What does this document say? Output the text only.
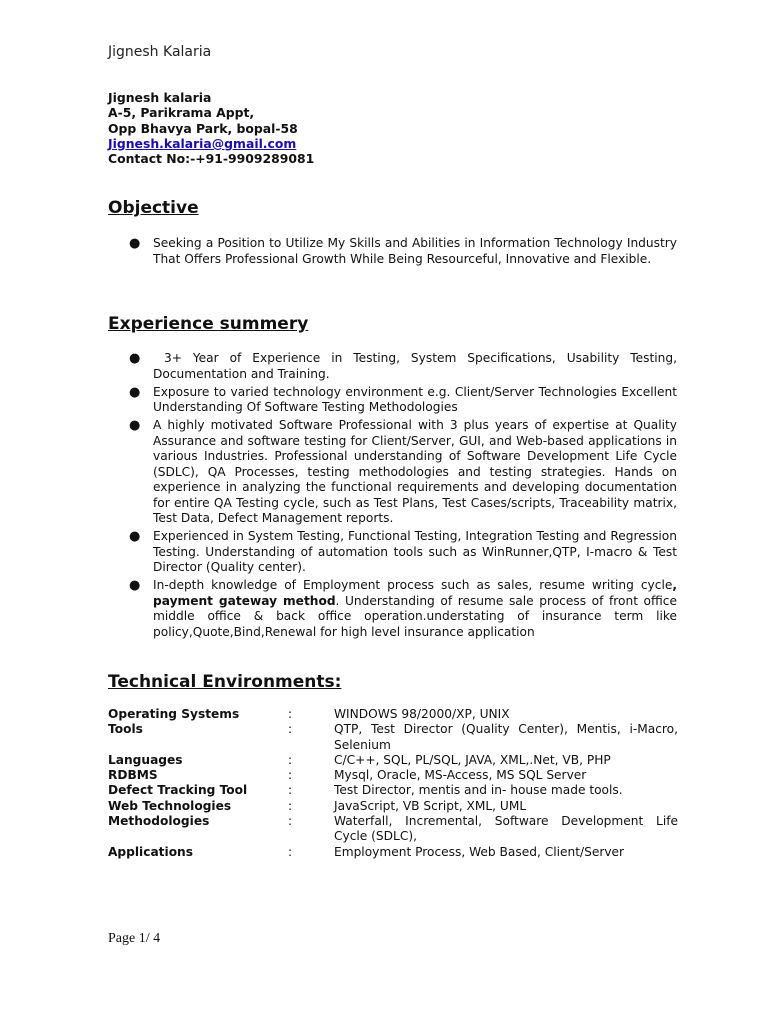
Jignesh Kalaria
Jignesh kalaria
A-5, Parikrama Appt,
Opp Bhavya Park, bopal-58
Jignesh.kalaria@gmail.com
Contact No:-+91-9909289081
Objective
● Seeking a Position to Utilize My Skills and Abilities in Information Technology Industry That Offers Professional Growth While Being Resourceful, Innovative and Flexible.
Experience summery
● 3+ Year of Experience in Testing, System Specifications, Usability Testing, Documentation and Training.
● Exposure to varied technology environment e.g. Client/Server Technologies Excellent Understanding Of Software Testing Methodologies
● A highly motivated Software Professional with 3 plus years of expertise at Quality Assurance and software testing for Client/Server, GUI, and Web-based applications in various Industries. Professional understanding of Software Development Life Cycle (SDLC), QA Processes, testing methodologies and testing strategies. Hands on experience in analyzing the functional requirements and developing documentation for entire QA Testing cycle, such as Test Plans, Test Cases/scripts, Traceability matrix, Test Data, Defect Management reports.
● Experienced in System Testing, Functional Testing, Integration Testing and Regression Testing. Understanding of automation tools such as WinRunner,QTP, I-macro & Test Director (Quality center).
● In-depth knowledge of Employment process such as sales, resume writing cycle, payment gateway method. Understanding of resume sale process of front office middle office & back office operation.understating of insurance term like policy,Quote,Bind,Renewal for high level insurance application
Technical Environments:
Operating Systems	:	WINDOWS 98/2000/XP, UNIX
Tools	:	QTP, Test Director (Quality Center), Mentis, i-Macro, Selenium
Languages	:	C/C++, SQL, PL/SQL, JAVA, XML,.Net, VB, PHP
RDBMS	:	Mysql, Oracle, MS-Access, MS SQL Server
Defect Tracking Tool	:	Test Director, mentis and in- house made tools.
Web Technologies	:	JavaScript, VB Script, XML, UML
Methodologies	:	Waterfall, Incremental, Software Development Life Cycle (SDLC),
Applications	:	Employment Process, Web Based, Client/Server
Page 1/ 4
